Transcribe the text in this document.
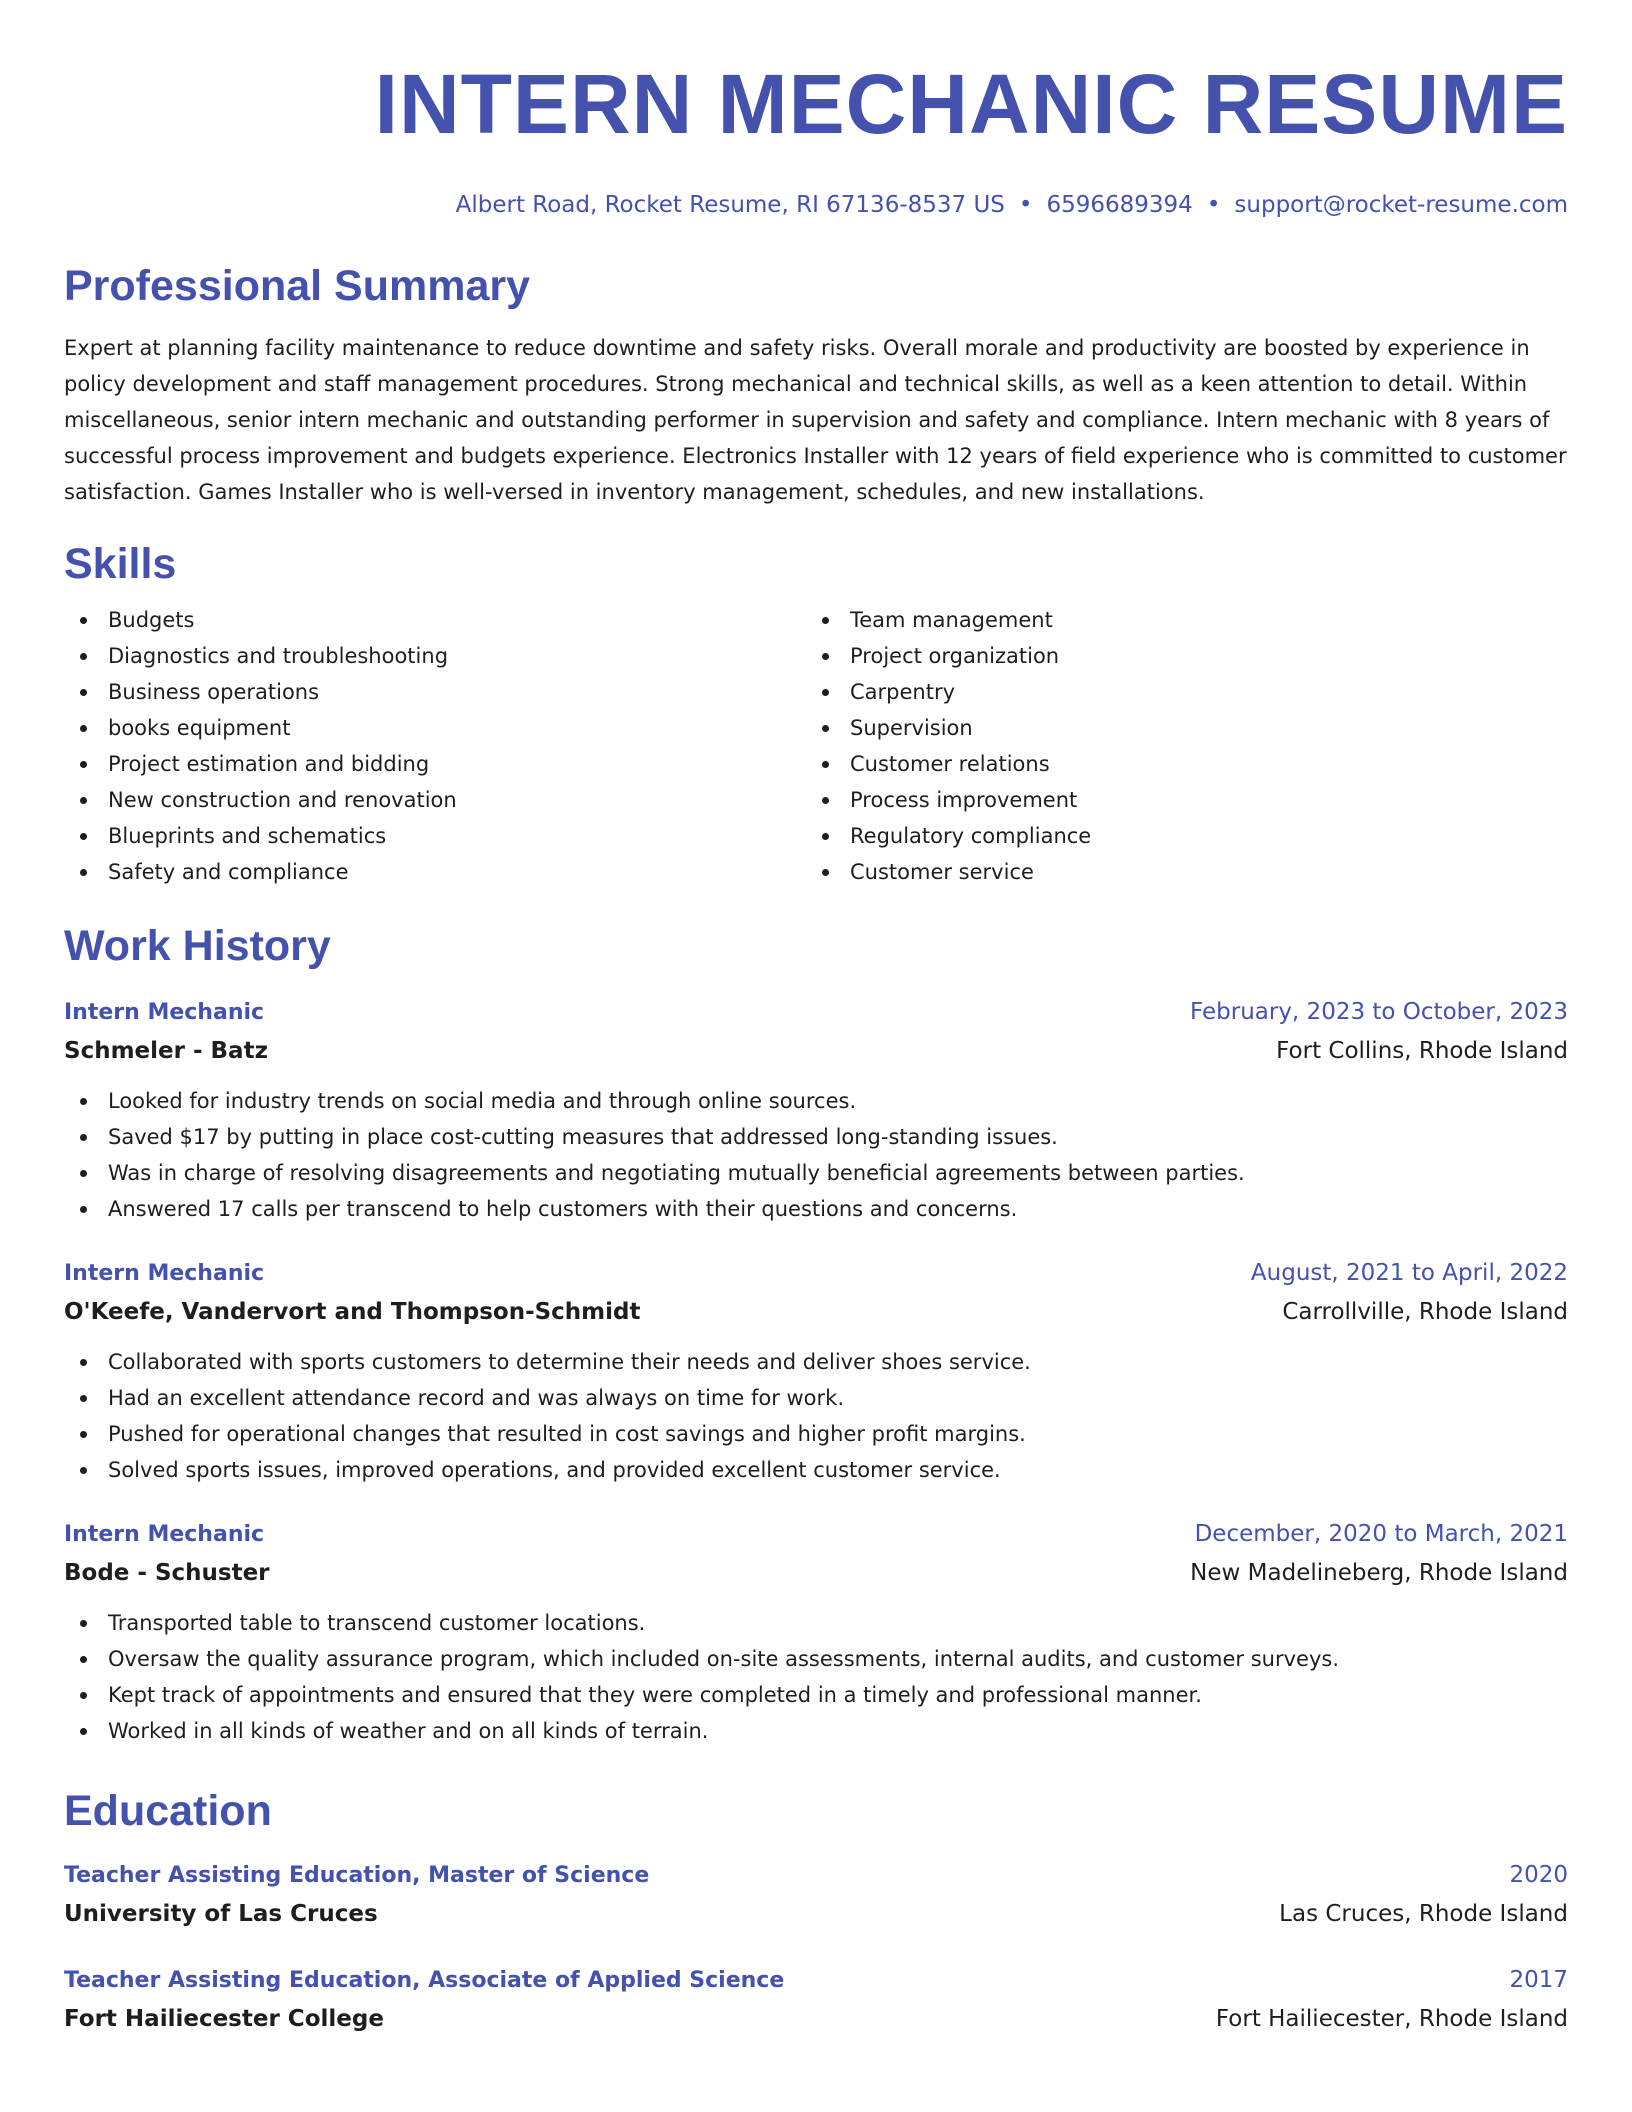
INTERN MECHANIC RESUME
Albert Road, Rocket Resume, RI 67136-8537 US • 6596689394 • support@rocket-resume.com
Professional Summary

Expert at planning facility maintenance to reduce downtime and safety risks. Overall morale and productivity are boosted by experience in policy development and staff management procedures. Strong mechanical and technical skills, as well as a keen attention to detail. Within miscellaneous, senior intern mechanic and outstanding performer in supervision and safety and compliance. Intern mechanic with 8 years of successful process improvement and budgets experience. Electronics Installer with 12 years of field experience who is committed to customer satisfaction. Games Installer who is well-versed in inventory management, schedules, and new installations.

Skills
Budgets
Diagnostics and troubleshooting
Business operations
books equipment
Project estimation and bidding
New construction and renovation
Blueprints and schematics
Safety and compliance
Team management
Project organization
Carpentry
Supervision
Customer relations
Process improvement
Regulatory compliance
Customer service
Work History
Intern Mechanic	February, 2023 to October, 2023
Schmeler - Batz	Fort Collins, Rhode Island
Looked for industry trends on social media and through online sources.
Saved $17 by putting in place cost-cutting measures that addressed long-standing issues.
Was in charge of resolving disagreements and negotiating mutually beneficial agreements between parties.
Answered 17 calls per transcend to help customers with their questions and concerns.
Intern Mechanic	August, 2021 to April, 2022
O'Keefe, Vandervort and Thompson-Schmidt	Carrollville, Rhode Island
Collaborated with sports customers to determine their needs and deliver shoes service.
Had an excellent attendance record and was always on time for work.
Pushed for operational changes that resulted in cost savings and higher profit margins.
Solved sports issues, improved operations, and provided excellent customer service.
Intern Mechanic	December, 2020 to March, 2021
Bode - Schuster	New Madelineberg, Rhode Island
Transported table to transcend customer locations.
Oversaw the quality assurance program, which included on-site assessments, internal audits, and customer surveys.
Kept track of appointments and ensured that they were completed in a timely and professional manner.
Worked in all kinds of weather and on all kinds of terrain.
Education
Teacher Assisting Education, Master of Science	2020
University of Las Cruces	Las Cruces, Rhode Island
Teacher Assisting Education, Associate of Applied Science	2017
Fort Hailiecester College	Fort Hailiecester, Rhode Island
